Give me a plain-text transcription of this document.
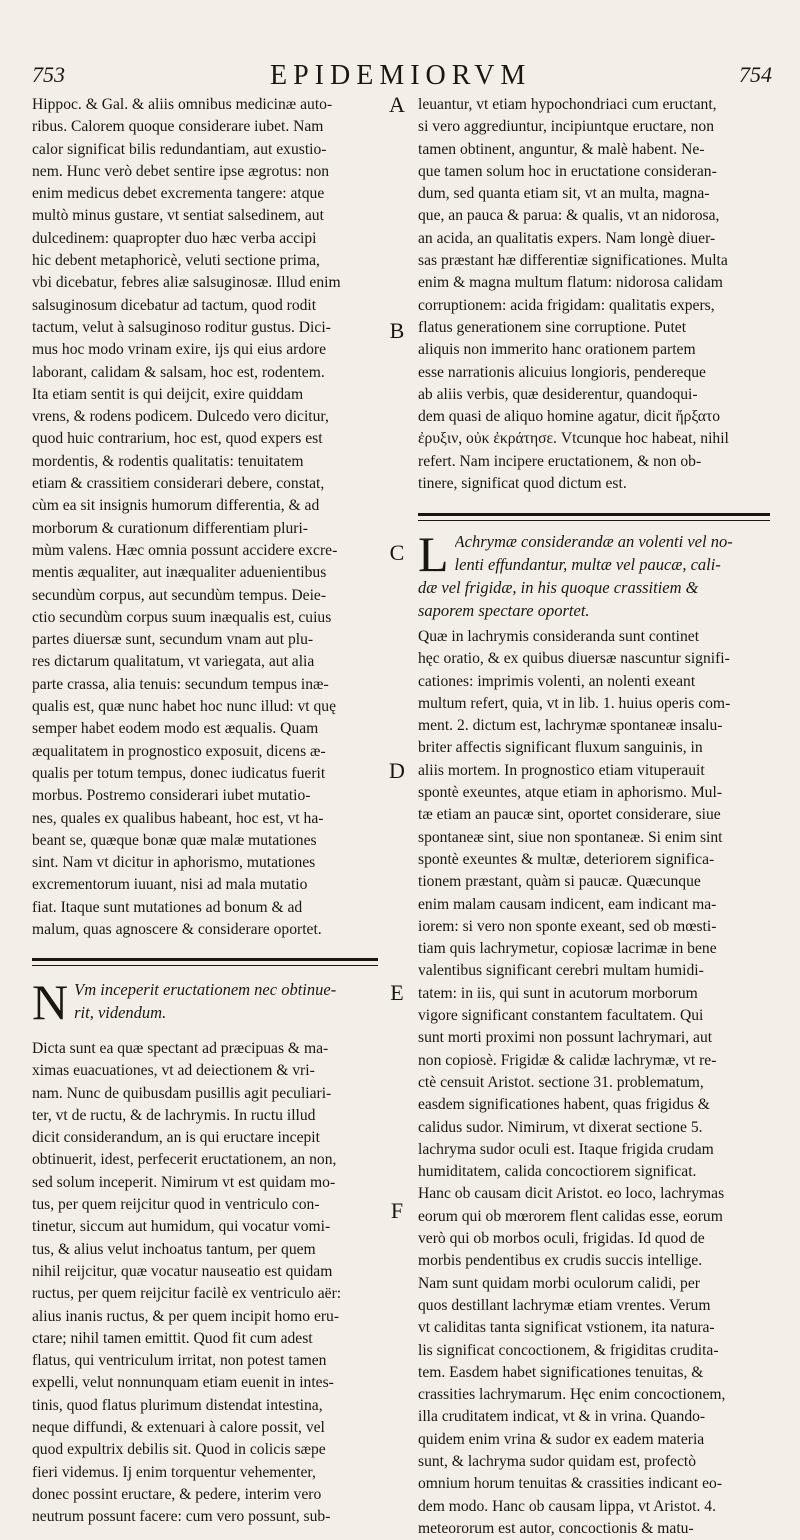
753	EPIDEMIORVM	754
A
B
C
D
E
F
Hippoc. & Gal. & aliis omnibus medicinæ auto-
ribus. Calorem quoque considerare iubet. Nam
calor significat bilis redundantiam, aut exustio-
nem. Hunc verò debet sentire ipse ægrotus: non
enim medicus debet excrementa tangere: atque
multò minus gustare, vt sentiat salsedinem, aut
dulcedinem: quapropter duo hæc verba accipi
hic debent metaphoricè, veluti sectione prima,
vbi dicebatur, febres aliæ salsuginosæ. Illud enim
salsuginosum dicebatur ad tactum, quod rodit
tactum, velut à salsuginoso roditur gustus. Dici-
mus hoc modo vrinam exire, ijs qui eius ardore
laborant, calidam & salsam, hoc est, rodentem.
Ita etiam sentit is qui deijcit, exire quiddam
vrens, & rodens podicem. Dulcedo vero dicitur,
quod huic contrarium, hoc est, quod expers est
mordentis, & rodentis qualitatis: tenuitatem
etiam & crassitiem considerari debere, constat,
cùm ea sit insignis humorum differentia, & ad
morborum & curationum differentiam pluri-
mùm valens. Hæc omnia possunt accidere excre-
mentis æqualiter, aut inæqualiter aduenientibus
secundùm corpus, aut secundùm tempus. Deie-
ctio secundùm corpus suum inæqualis est, cuius
partes diuersæ sunt, secundum vnam aut plu-
res dictarum qualitatum, vt variegata, aut alia
parte crassa, alia tenuis: secundum tempus inæ-
qualis est, quæ nunc habet hoc nunc illud: vt quę
semper habet eodem modo est æqualis. Quam
æqualitatem in prognostico exposuit, dicens æ-
qualis per totum tempus, donec iudicatus fuerit
morbus. Postremo considerari iubet mutatio-
nes, quales ex qualibus habeant, hoc est, vt ha-
beant se, quæque bonæ quæ malæ mutationes
sint. Nam vt dicitur in aphorismo, mutationes
excrementorum iuuant, nisi ad mala mutatio
fiat. Itaque sunt mutationes ad bonum & ad
malum, quas agnoscere & considerare oportet.
N Vm inceperit eructationem nec obtinue-
rit, videndum.
Dicta sunt ea quæ spectant ad præcipuas & ma-
ximas euacuationes, vt ad deiectionem & vri-
nam. Nunc de quibusdam pusillis agit peculiari-
ter, vt de ructu, & de lachrymis. In ructu illud
dicit considerandum, an is qui eructare incepit
obtinuerit, idest, perfecerit eructationem, an non,
sed solum inceperit. Nimirum vt est quidam mo-
tus, per quem reijcitur quod in ventriculo con-
tinetur, siccum aut humidum, qui vocatur vomi-
tus, & alius velut inchoatus tantum, per quem
nihil reijcitur, quæ vocatur nauseatio est quidam
ructus, per quem reijcitur facilè ex ventriculo aër:
alius inanis ructus, & per quem incipit homo eru-
ctare; nihil tamen emittit. Quod fit cum adest
flatus, qui ventriculum irritat, non potest tamen
expelli, velut nonnunquam etiam euenit in intes-
tinis, quod flatus plurimum distendat intestina,
neque diffundi, & extenuari à calore possit, vel
quod expultrix debilis sit. Quod in colicis sæpe
fieri videmus. Ij enim torquentur vehementer,
donec possint eructare, & pedere, interim vero
neutrum possunt facere: cum vero possunt, sub-
leuantur, vt etiam hypochondriaci cum eructant,
si vero aggrediuntur, incipiuntque eructare, non
tamen obtinent, anguntur, & malè habent. Ne-
que tamen solum hoc in eructatione consideran-
dum, sed quanta etiam sit, vt an multa, magna-
que, an pauca & parua: & qualis, vt an nidorosa,
an acida, an qualitatis expers. Nam longè diuer-
sas præstant hæ differentiæ significationes. Multa
enim & magna multum flatum: nidorosa calidam
corruptionem: acida frigidam: qualitatis expers,
flatus generationem sine corruptione. Putet
aliquis non immerito hanc orationem partem
esse narrationis alicuius longioris, pendereque
ab aliis verbis, quæ desiderentur, quandoqui-
dem quasi de aliquo homine agatur, dicit ἤρξατο
ἐρυξιν, οὐκ ἐκράτησε. Vtcunque hoc habeat, nihil
refert. Nam incipere eructationem, & non ob-
tinere, significat quod dictum est.
L Achrymæ considerandæ an volenti vel no-
lenti effundantur, multæ vel paucæ, cali-
dæ vel frigidæ, in his quoque crassitiem &
saporem spectare oportet.
Quæ in lachrymis consideranda sunt continet
hęc oratio, & ex quibus diuersæ nascuntur signifi-
cationes: imprimis volenti, an nolenti exeant
multum refert, quia, vt in lib. 1. huius operis com-
ment. 2. dictum est, lachrymæ spontaneæ insalu-
briter affectis significant fluxum sanguinis, in
aliis mortem. In prognostico etiam vituperauit
spontè exeuntes, atque etiam in aphorismo. Mul-
tæ etiam an paucæ sint, oportet considerare, siue
spontaneæ sint, siue non spontaneæ. Si enim sint
spontè exeuntes & multæ, deteriorem significa-
tionem præstant, quàm si paucæ. Quæcunque
enim malam causam indicent, eam indicant ma-
iorem: si vero non sponte exeant, sed ob mœsti-
tiam quis lachrymetur, copiosæ lacrimæ in bene
valentibus significant cerebri multam humidi-
tatem: in iis, qui sunt in acutorum morborum
vigore significant constantem facultatem. Qui
sunt morti proximi non possunt lachrymari, aut
non copiosè. Frigidæ & calidæ lachrymæ, vt re-
ctè censuit Aristot. sectione 31. problematum,
easdem significationes habent, quas frigidus &
calidus sudor. Nimirum, vt dixerat sectione 5.
lachryma sudor oculi est. Itaque frigida crudam
humiditatem, calida concoctiorem significat.
Hanc ob causam dicit Aristot. eo loco, lachrymas
eorum qui ob mœrorem flent calidas esse, eorum
verò qui ob morbos oculi, frigidas. Id quod de
morbis pendentibus ex crudis succis intellige.
Nam sunt quidam morbi oculorum calidi, per
quos destillant lachrymæ etiam vrentes. Verum
vt caliditas tanta significat vstionem, ita natura-
lis significat concoctionem, & frigiditas crudita-
tem. Easdem habet significationes tenuitas, &
crassities lachrymarum. Hęc enim concoctionem,
illa cruditatem indicat, vt & in vrina. Quando-
quidem enim vrina & sudor ex eadem materia
sunt, & lachryma sudor quidam est, profectò
omnium horum tenuitas & crassities indicant eo-
dem modo. Hanc ob causam lippa, vt Aristot. 4.
meteororum est autor, concoctionis & matu-
